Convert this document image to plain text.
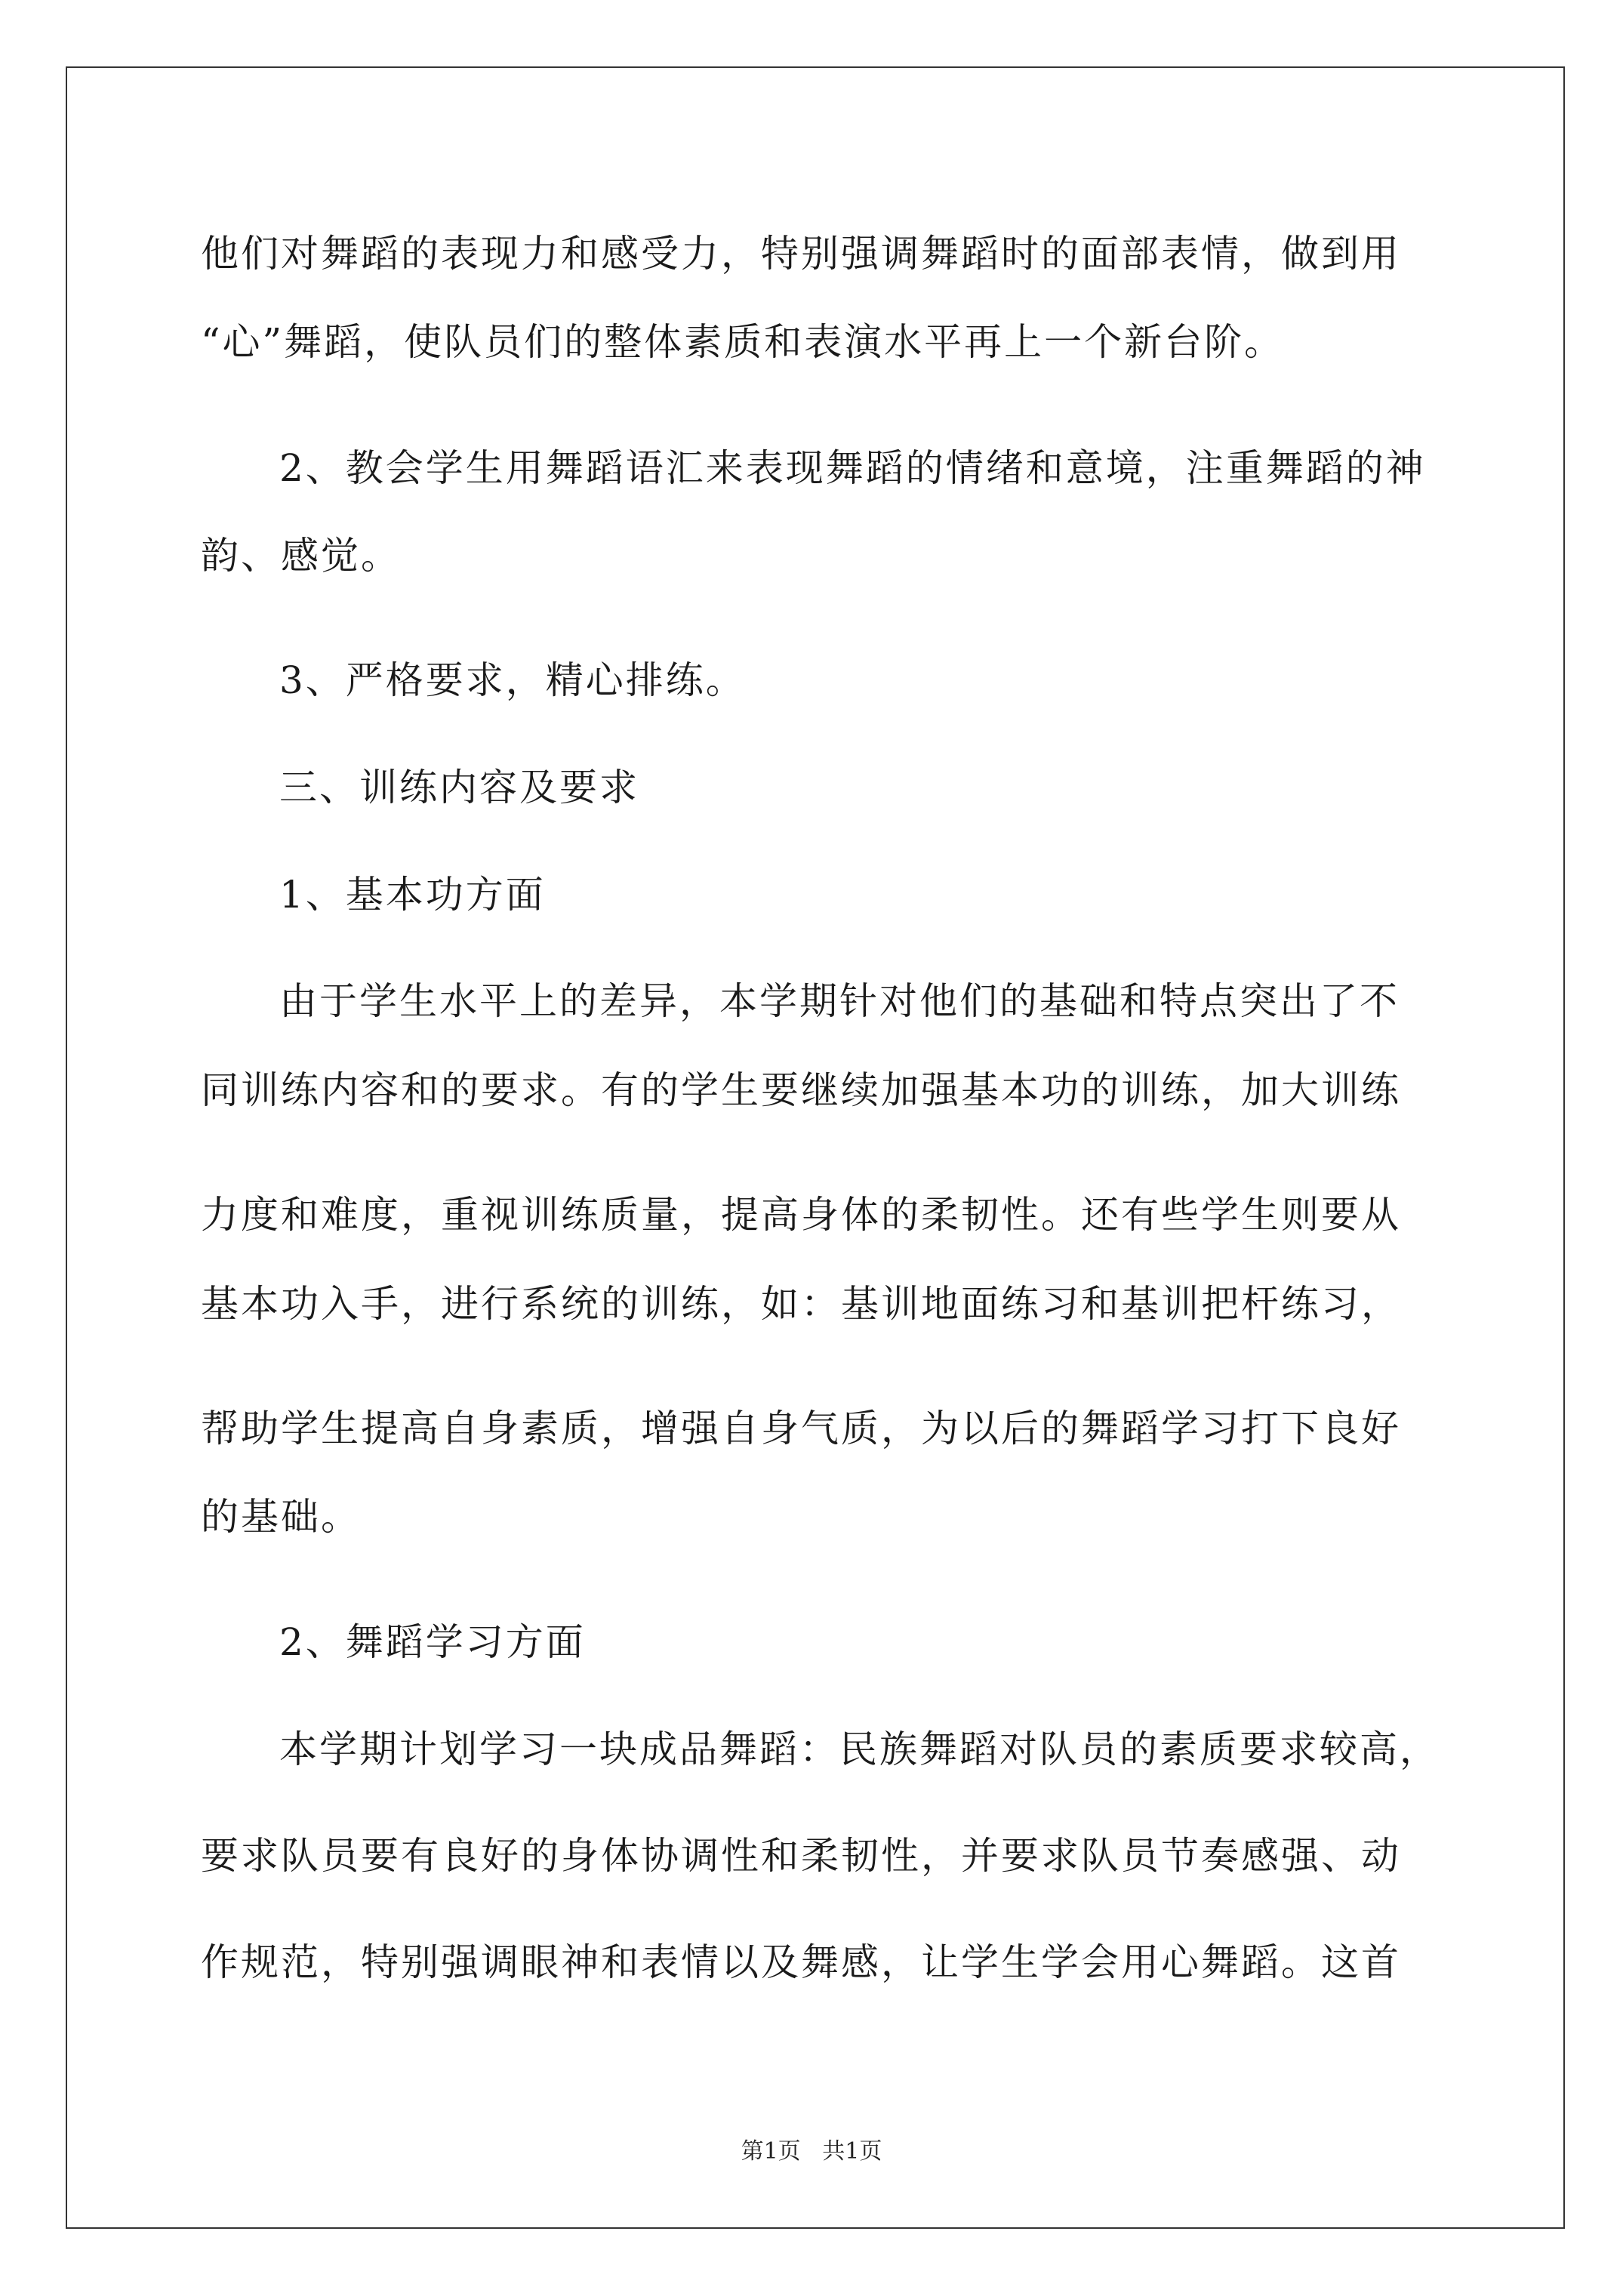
他们对舞蹈的表现力和感受力，特别强调舞蹈时的面部表情，做到用
“心”舞蹈，使队员们的整体素质和表演水平再上一个新台阶。
2、教会学生用舞蹈语汇来表现舞蹈的情绪和意境，注重舞蹈的神
韵、感觉。
3、严格要求，精心排练。
三、训练内容及要求
1、基本功方面
由于学生水平上的差异，本学期针对他们的基础和特点突出了不
同训练内容和的要求。有的学生要继续加强基本功的训练，加大训练
力度和难度，重视训练质量，提高身体的柔韧性。还有些学生则要从
基本功入手，进行系统的训练，如：基训地面练习和基训把杆练习，
帮助学生提高自身素质，增强自身气质，为以后的舞蹈学习打下良好
的基础。
2、舞蹈学习方面
本学期计划学习一块成品舞蹈：民族舞蹈对队员的素质要求较高，
要求队员要有良好的身体协调性和柔韧性，并要求队员节奏感强、动
作规范，特别强调眼神和表情以及舞感，让学生学会用心舞蹈。这首
第1页   共1页
